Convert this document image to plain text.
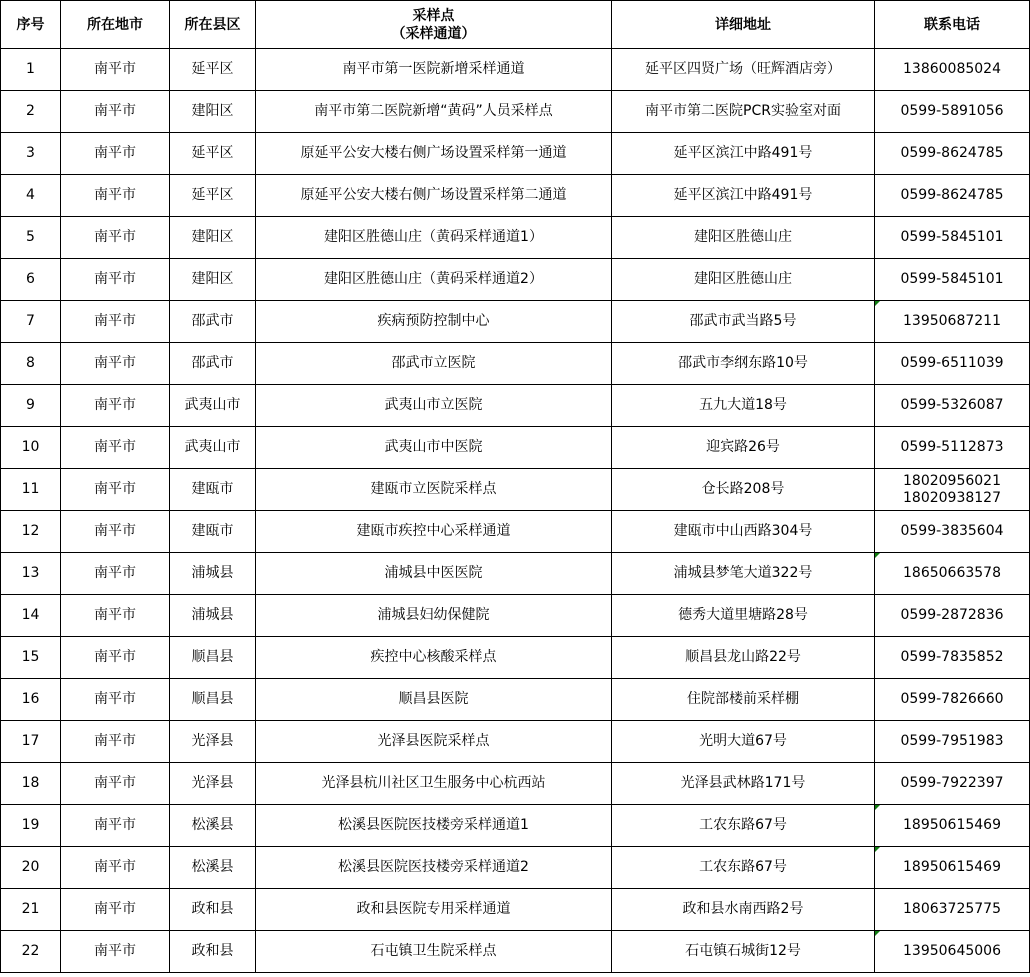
序号	所在地市	所在县区	采样点
（采样通道）	详细地址	联系电话
1	南平市	延平区	南平市第一医院新增采样通道	延平区四贤广场（旺辉酒店旁）	13860085024

2	南平市	建阳区	南平市第二医院新增“黄码”人员采样点	南平市第二医院PCR实验室对面	0599-5891056

3	南平市	延平区	原延平公安大楼右侧广场设置采样第一通道	延平区滨江中路491号	0599-8624785

4	南平市	延平区	原延平公安大楼右侧广场设置采样第二通道	延平区滨江中路491号	0599-8624785

5	南平市	建阳区	建阳区胜德山庄（黄码采样通道1）	建阳区胜德山庄	0599-5845101

6	南平市	建阳区	建阳区胜德山庄（黄码采样通道2）	建阳区胜德山庄	0599-5845101

7	南平市	邵武市	疾病预防控制中心	邵武市武当路5号	13950687211

8	南平市	邵武市	邵武市立医院	邵武市李纲东路10号	0599-6511039

9	南平市	武夷山市	武夷山市立医院	五九大道18号	0599-5326087

10	南平市	武夷山市	武夷山市中医院	迎宾路26号	0599-5112873

11	南平市	建瓯市	建瓯市立医院采样点	仓长路208号	18020956021
18020938127

12	南平市	建瓯市	建瓯市疾控中心采样通道	建瓯市中山西路304号	0599-3835604

13	南平市	浦城县	浦城县中医医院	浦城县梦笔大道322号	18650663578

14	南平市	浦城县	浦城县妇幼保健院	德秀大道里塘路28号	0599-2872836

15	南平市	顺昌县	疾控中心核酸采样点	顺昌县龙山路22号	0599-7835852

16	南平市	顺昌县	顺昌县医院	住院部楼前采样棚	0599-7826660

17	南平市	光泽县	光泽县医院采样点	光明大道67号	0599-7951983

18	南平市	光泽县	光泽县杭川社区卫生服务中心杭西站	光泽县武林路171号	0599-7922397

19	南平市	松溪县	松溪县医院医技楼旁采样通道1	工农东路67号	18950615469

20	南平市	松溪县	松溪县医院医技楼旁采样通道2	工农东路67号	18950615469

21	南平市	政和县	政和县医院专用采样通道	政和县水南西路2号	18063725775

22	南平市	政和县	石屯镇卫生院采样点	石屯镇石城街12号	13950645006
